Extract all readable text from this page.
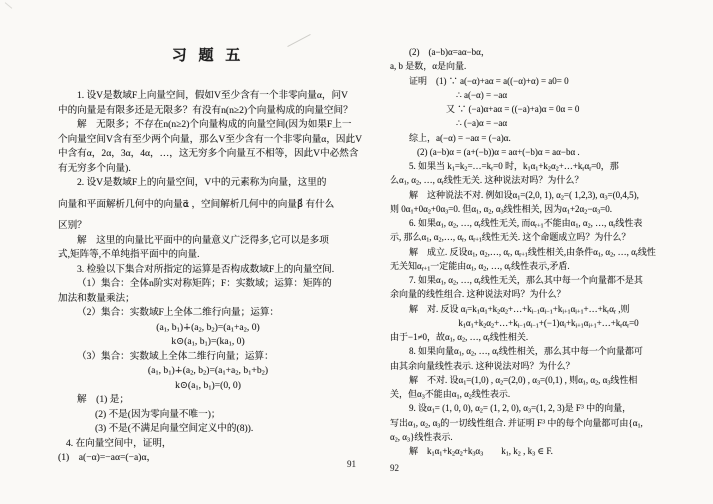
习 题 五
1. 设V是数域F上向量空间，假如V至少含有一个非零向量α，问V
中的向量是有限多还是无限多？有没有n(n≥2)个向量构成的向量空间？
解　无限多；不存在n(n≥2)个向量构成的向量空间(因为如果F上一
个向量空间V含有至少两个向量，那么V至少含有一个非零向量α，因此V
中含有α，2α，3α，4α，…，这无穷多个向量互不相等，因此V中必然含
有无穷多个向量).
2. 设V是数域F上的向量空间，V中的元素称为向量，这里的
向量和平面解析几何中的向量α⃗ ，空间解析几何中的向量β⃗ 有什么
区别？
解　这里的向量比平面中的向量意义广泛得多,它可以是多项
式,矩阵等,不单纯指平面中的向量.
3. 检验以下集合对所指定的运算是否构成数域F上的向量空间.
（1）集合：全体n阶实对称矩阵；F：实数域；运算：矩阵的
加法和数量乘法；
（2）集合：实数域F上全体二维行向量；运算：
($a_1$, $b_1)∔(a_2$, $b_2)=(a_1+a_2$, 0)
$k⊙(a_1$, $b_1)=(ka_1$, 0)
（3）集合：实数域上全体二维行向量；运算：
($a_1$, $b_1)∔(a_2$, $b_2)=(a_1+a_2$, $b_1+b_2$)
$k⊙(a_1$, $b_1)=(0$, 0)
解　(1) 是；
(2) 不是(因为零向量不唯一)；
(3) 不是(不满足向量空间定义中的(8)).
4. 在向量空间中，证明，
(1)　a(−α)=−aα=(−a)α，
91
(2)　(a−b)α=aα−bα，
a, b 是数，α是向量.
证明　(1) ∵ a(−α)+aα = a((−α)+α) = a0= 0
∴ a(−α) = −aα
又 ∵ (−a)α+aα = ((−a)+a)α = 0α = 0
∴ (−a)α = −aα
综上，a(−α) = −aα = (−a)α.
(2) (a−b)α = (a+(−b))α = aα+(−b)α = aα−bα .
5. 如果当 $k_1=k_2=\dots=k_r=0$ 时，$k_1\alpha_1+k_2\alpha_2+\dots+k_r\alpha_r=0$，那
么$\alpha_1$, $\alpha_2$, …, $\alpha_r$线性无关. 这种说法对吗？为什么？
解　这种说法不对. 例如设$\alpha_1=(2,0$, 1), $\alpha_2=$( 1,2,3), $\alpha_3=(0,4,5)$,
则 $0\alpha_1+0\alpha_2+0\alpha_3=0$. 但$\alpha_1$, $\alpha_2$, $\alpha_3$线性相关, 因为$\alpha_1+2\alpha_2-\alpha_3=0$.
6. 如果$\alpha_1$, $\alpha_2$, …, $\alpha_r$线性无关, 而$\alpha_{r+1}$不能由$\alpha_1$, $\alpha_2$, …, $\alpha_r$线性表
示, 那么$\alpha_1$, $\alpha_2,\dots$, $\alpha_r$, $\alpha_{r+1}$线性无关. 这个命题成立吗？为什么？
解　成立. 反设$\alpha_1$, $\alpha_2,\dots$, $\alpha_r$, $\alpha_{r+1}$线性相关,由条件$\alpha_1$, $\alpha_2$, …, $\alpha_r$线性
无关知$\alpha_{r+1}$一定能由$\alpha_1$, $\alpha_2$, …, $\alpha_r$线性表示,矛盾.
7. 如果$\alpha_1$, $\alpha_2$, …, $\alpha_r$线性无关，那么其中每一个向量都不是其
余向量的线性组合. 这种说法对吗？为什么？
解　对. 反设 $\alpha_i=k_1\alpha_1+k_2\alpha_2+\dots+k_{i-1}\alpha_{i-1}+k_{i+1}\alpha_{i+1}+\dots+k_r\alpha_r$ ,则
$k_1\alpha_1+k_2\alpha_2+\dots+k_{i-1}\alpha_{i-1}+(-1)\alpha_i+k_{i+1}\alpha_{i+1}+\dots+k_r\alpha_r=0$
由于−1≠0，故$\alpha_1$, $\alpha_2$, …, $\alpha_r$线性相关.
8. 如果向量$\alpha_1$, $\alpha_2$, …, $\alpha_r$线性相关，那么其中每一个向量都可
由其余向量线性表示. 这种说法对吗？为什么？
解　不对. 设$\alpha_1=(1,0)$ , $\alpha_2=(2,0)$ , $\alpha_3=(0,1)$ , 则$\alpha_1$, $\alpha_2$, $\alpha_3$线性相
关，但$\alpha_3$不能由$\alpha_1$, $\alpha_2$线性表示.
9. 设$\alpha_1= (1$, 0, 0), $\alpha_2= (1$, 2, 0), $\alpha_3=(1$, 2, 3)是 $F^3$ 中的向量，
写出$\alpha_1$, $\alpha_2$, $\alpha_3$的一切线性组合. 并证明 $F^3$ 中的每个向量都可由{$\alpha_1$,
$\alpha_2$, $\alpha_3$}线性表示.
解　$k_1\alpha_1+k_2\alpha_2+k_3\alpha_3$　　$k_1$, $k_2$ , $k_3$ ∈ F.
92
